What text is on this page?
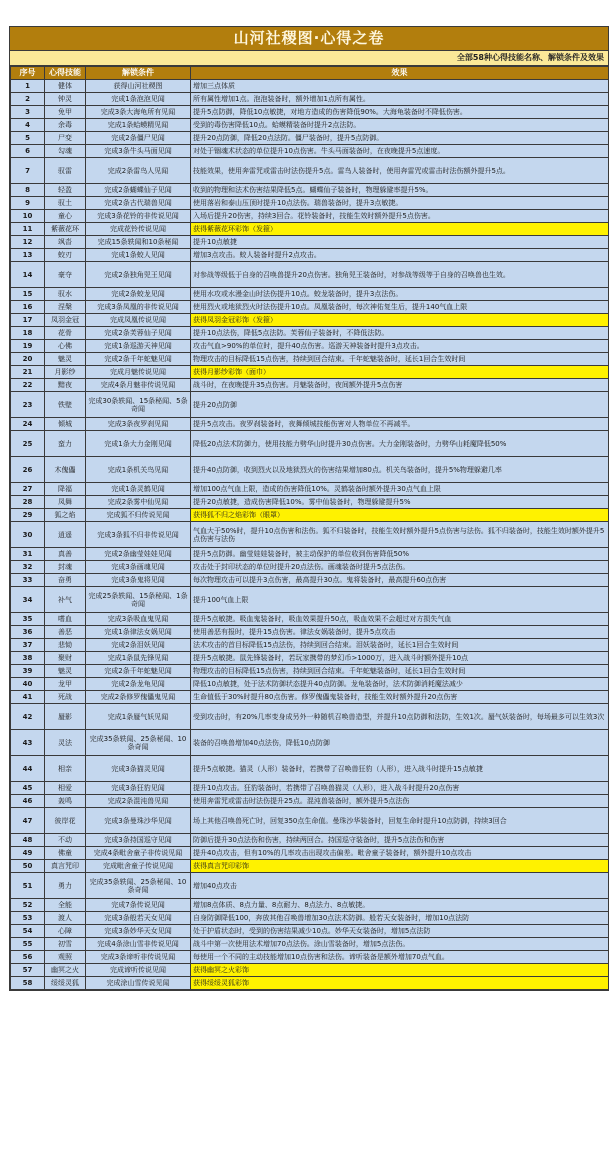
山河社稷图·心得之卷
全部58种心得技能名称、解锁条件及效果
序号	心得技能	解锁条件	效果
1	健体	获得山河社稷图	增加三点体质
2	钟灵	完成1条泡泡见闻	所有属性增加1点。泡泡装备时，额外增加1点所有属性。
3	免甲	完成3条大海龟所有见闻	提升5点防御，降低10点敏捷，对地方造成的伤害降低90%。大海龟装备时不降低伤害。
4	余毒	完成1条蛤蟆精见闻	受到的毒伤害降低10点。蛤蟆精装备时提升2点法防。
5	尸变	完成2条僵尸见闻	提升20点防御，降低20点法防。僵尸装备时，提升5点防御。
6	勾魂	完成3条牛头马面见闻	对处于锢魂术状态的单位提升10点伤害。牛头马面装备时，在夜晚提升5点速度。
7	驭雷	完成2条雷鸟人见闻	技能效果，使用奔雷咒或雷击时法伤提升5点。雷鸟人装备时，使用奔雷咒或雷击时法伤额外提升5点。
8	轻盈	完成2条蝴蝶仙子见闻	收到的物理和法术伤害结果降低5点。蝴蝶仙子装备时，物理躲避率提升5%。
9	驭土	完成2条古代瑞兽见闻	使用落岩和泰山压顶时提升10点法伤。瑞兽装备时，提升3点敏捷。
10	童心	完成3条花铃的非传说见闻	入场后提升20伤害，持续3回合。花铃装备时，技能生效时额外提升5点伤害。
11	紫薇花环	完成花铃传说见闻	获得紫薇花环彩饰（发箍）
12	飒沓	完成15条轶闻和10条秘闻	提升10点敏捷
13	蛟刃	完成1条蛟人见闻	增加3点攻击。蛟人装备时提升2点攻击。
14	豪夺	完成2条独角兕王见闻	对参战等级低于自身的召唤兽提升20点伤害。独角兕王装备时，对参战等级等于自身的召唤兽也生效。
15	驭水	完成2条蛟龙见闻	使用水攻或水漫金山时法伤提升10点。蛟龙装备时，提升3点法伤。
16	涅槃	完成3条凤凰的非传说见闻	使用烈火或地狱烈火时法伤提升10点。凤凰装备时，每次神佑复生后，提升140气血上限
17	凤羽金冠	完成凤凰传说见闻	获得凤羽金冠彩饰（发箍）
18	花骨	完成2条芙蓉仙子见闻	提升10点法伤，降低5点法防。芙蓉仙子装备时，不降低法防。
19	心佛	完成1条巡游天神见闻	攻击气血>90%的单位时，提升40点伤害。巡游天神装备时提升3点攻击。
20	魅灵	完成2条千年蛇魅见闻	物理攻击的目标降低15点伤害，持续到回合结束。千年蛇魅装备时，延长1回合生效时间
21	月影纱	完成月魅传说见闻	获得月影纱彩饰（面巾）
22	黯夜	完成4条月魅非传说见闻	战斗时，在夜晚提升35点伤害。月魅装备时，夜间额外提升5点伤害
23	铁壁	完成30条轶闻、15条秘闻、5条奇闻	提升20点防御
24	倾城	完成3条夜罗刹见闻	提升5点攻击。夜罗刹装备时，夜舞倾城技能伤害对人物单位不再减半。
25	蛮力	完成1条大力金刚见闻	降低20点法术防御力，使用技能力劈华山时提升30点伤害。大力金刚装备时，力劈华山耗魔降低50%
26	木傀儡	完成1条机关鸟见闻	提升40点防御，收到烈火以及地狱烈火的伤害结果增加80点。机关鸟装备时，提升5%物理躲避几率
27	降福	完成1条灵鹤见闻	增加100点气血上限，造成的伤害降低10%。灵鹤装备时额外提升30点气血上限
28	凤舞	完成2条雾中仙见闻	提升20点敏捷，造成伤害降低10%。雾中仙装备时，物理躲避提升5%
29	狐之焰	完成狐不归传说见闻	获得狐不归之焰彩饰（眼罩）
30	逍遥	完成3条狐不归非传说见闻	气血大于50%时，提升10点伤害和法伤。狐不归装备时，技能生效时额外提升5点伤害与法伤。狐不归装备时，技能生效时额外提升5点伤害与法伤
31	真善	完成2条幽莹娃娃见闻	提升5点防御。幽莹娃娃装备时，被主动保护的单位收到伤害降低50%
32	封魂	完成3条画魂见闻	攻击处于封印状态的单位时提升20点法伤。画魂装备时提升5点法伤。
33	奋勇	完成3条鬼将见闻	每次物理攻击可以提升3点伤害，最高提升30点。鬼将装备时，最高提升60点伤害
34	补气	完成25条轶闻、15条秘闻、1条奇闻	提升100气血上限
35	嗜血	完成3条吸血鬼见闻	提升5点敏捷。吸血鬼装备时，吸血效果提升50点，吸血效果不会超过对方损失气血
36	善恶	完成1条律法女娲见闻	使用善恶有报时，提升15点伤害。律法女娲装备时，提升5点攻击
37	悲恸	完成2条泪妖见闻	法术攻击的首目标降低15点法伤，持续到回合结束。泪妖装备时，延长1回合生效时间
38	聚财	完成1条鼠先锋见闻	提升5点敏捷。鼠先锋装备时，若玩家携带的梦幻币>1000万，进入战斗时额外提升10点
39	魅灵	完成2条千年蛇魅见闻	物理攻击的目标降低15点伤害，持续到回合结束。千年蛇魅装备时，延长1回合生效时间
40	龙甲	完成2条龙龟见闻	降低10点敏捷，处于法术防御状态提升40点防御。龙龟装备时，法术防御消耗魔法减少
41	死战	完成2条修罗傀儡鬼见闻	生命值低于30%时提升80点伤害。修罗傀儡鬼装备时，技能生效时额外提升20点伤害
42	蜃影	完成1条蜃气妖见闻	受到攻击时，有20%几率变身成另外一种随机召唤兽造型，并提升10点防御和法防，生效1次。蜃气妖装备时，每场最多可以生效3次
43	灵法	完成35条轶闻、25条秘闻、10条奇闻	装备的召唤兽增加40点法伤，降低10点防御
44	相亲	完成3条猫灵见闻	提升5点敏捷。猫灵（人形）装备时，若携带了召唤兽狂豹（人形），进入战斗时提升15点敏捷
45	相爱	完成3条狂豹见闻	提升10点攻击。狂豹装备时，若携带了召唤兽猫灵（人形），进入战斗时提升20点伤害
46	轰鸣	完成2条混沌兽见闻	使用奔雷咒或雷击时法伤提升25点。混沌兽装备时，额外提升5点法伤
47	彼岸花	完成3条曼珠沙华见闻	场上其他召唤兽死亡时，回复350点生命值。曼珠沙华装备时，回复生命时提升10点防御，持续3回合
48	不动	完成3条持国巡守见闻	防御后提升30点法伤和伤害，持续两回合。持国巡守装备时，提升5点法伤和伤害
49	佛童	完成4条毗舍童子非传说见闻	提升40点攻击，但有10%的几率攻击出现攻击偏差。毗舍童子装备时，额外提升10点攻击
50	真言咒印	完成毗舍童子传说见闻	获得真言咒印彩饰
51	勇力	完成35条轶闻、25条秘闻、10条奇闻	增加40点攻击
52	全能	完成7条传说见闻	增加8点体质、8点力量、8点耐力、8点法力、8点敏捷。
53	渡人	完成3条般若天女见闻	自身防御降低100，奔放其他召唤兽增加30点法术防御。般若天女装备时，增加10点法防
54	心障	完成3条妙华天女见闻	处于护盾状态时，受到的伤害结果减少10点。妙华天女装备时，增加5点法防
55	初雪	完成4条涂山雪非传说见闻	战斗中第一次使用法术增加70点法伤。涂山雪装备时，增加5点法伤。
56	观照	完成3条谛听非传说见闻	每使用一个不同的主动技能增加10点伤害和法伤。谛听装备是额外增加70点气血。
57	幽冥之火	完成谛听传说见闻	获得幽冥之火彩饰
58	绥绥灵狐	完成涂山雪传说见闻	获得绥绥灵狐彩饰
